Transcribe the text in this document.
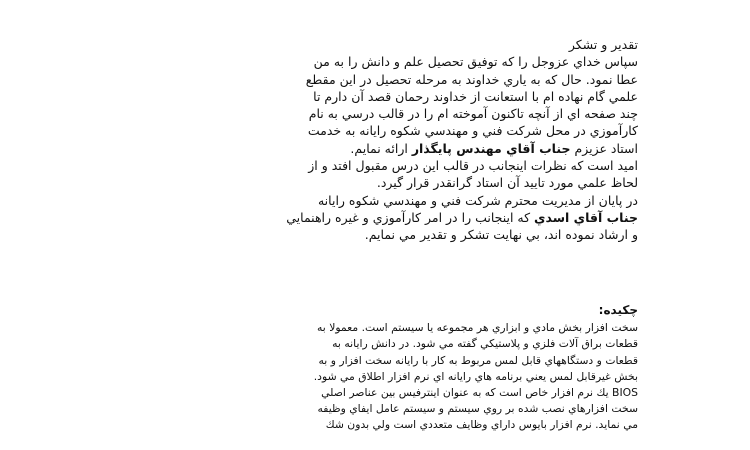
تقدير و تشكر
سپاس خداي عزوجل را كه توفيق تحصيل علم و دانش را به من
عطا نمود. حال كه به ياري خداوند به مرحله تحصيل در اين مقطع
علمي گام نهاده ام با استعانت از خداوند رحمان قصد آن دارم تا
چند صفحه اي از آنچه تاكنون آموخته ام را در قالب درسي به نام
كارآموزي در محل شركت فني و مهندسي شكوه رايانه به خدمت
استاد عزيزم جناب آقاي مهندس پايگذار ارائه نمايم.
اميد است كه نظرات اينجانب در قالب اين درس مقبول افتد و از
لحاظ علمي مورد تاييد آن استاد گرانقدر قرار گيرد.
در پايان از مديريت محترم شركت فني و مهندسي شكوه رايانه
جناب آقاي اسدي كه اينجانب را در امر كارآموزي و غيره راهنمايي
و ارشاد نموده اند، بي نهايت تشكر و تقدير مي نمايم.
چكيده:
سخت افزار بخش مادي و ابزاري هر مجموعه يا سيستم است. معمولا به
قطعات براق آلات فلزي و پلاستيكي گفته مي شود. در دانش رايانه به
قطعات و دستگاههاي قابل لمس مربوط به كار با رايانه سخت افزار و به
بخش غيرقابل لمس يعني برنامه هاي رايانه اي نرم افزار اطلاق مي شود.
BIOS يك نرم افزار خاص است كه به عنوان اينترفيس بين عناصر اصلي
سخت افزارهاي نصب شده بر روي سيستم و سيستم عامل ايفاي وظيفه
مي نمايد. نرم افزار بايوس داراي وظايف متعددي است ولي بدون شك
